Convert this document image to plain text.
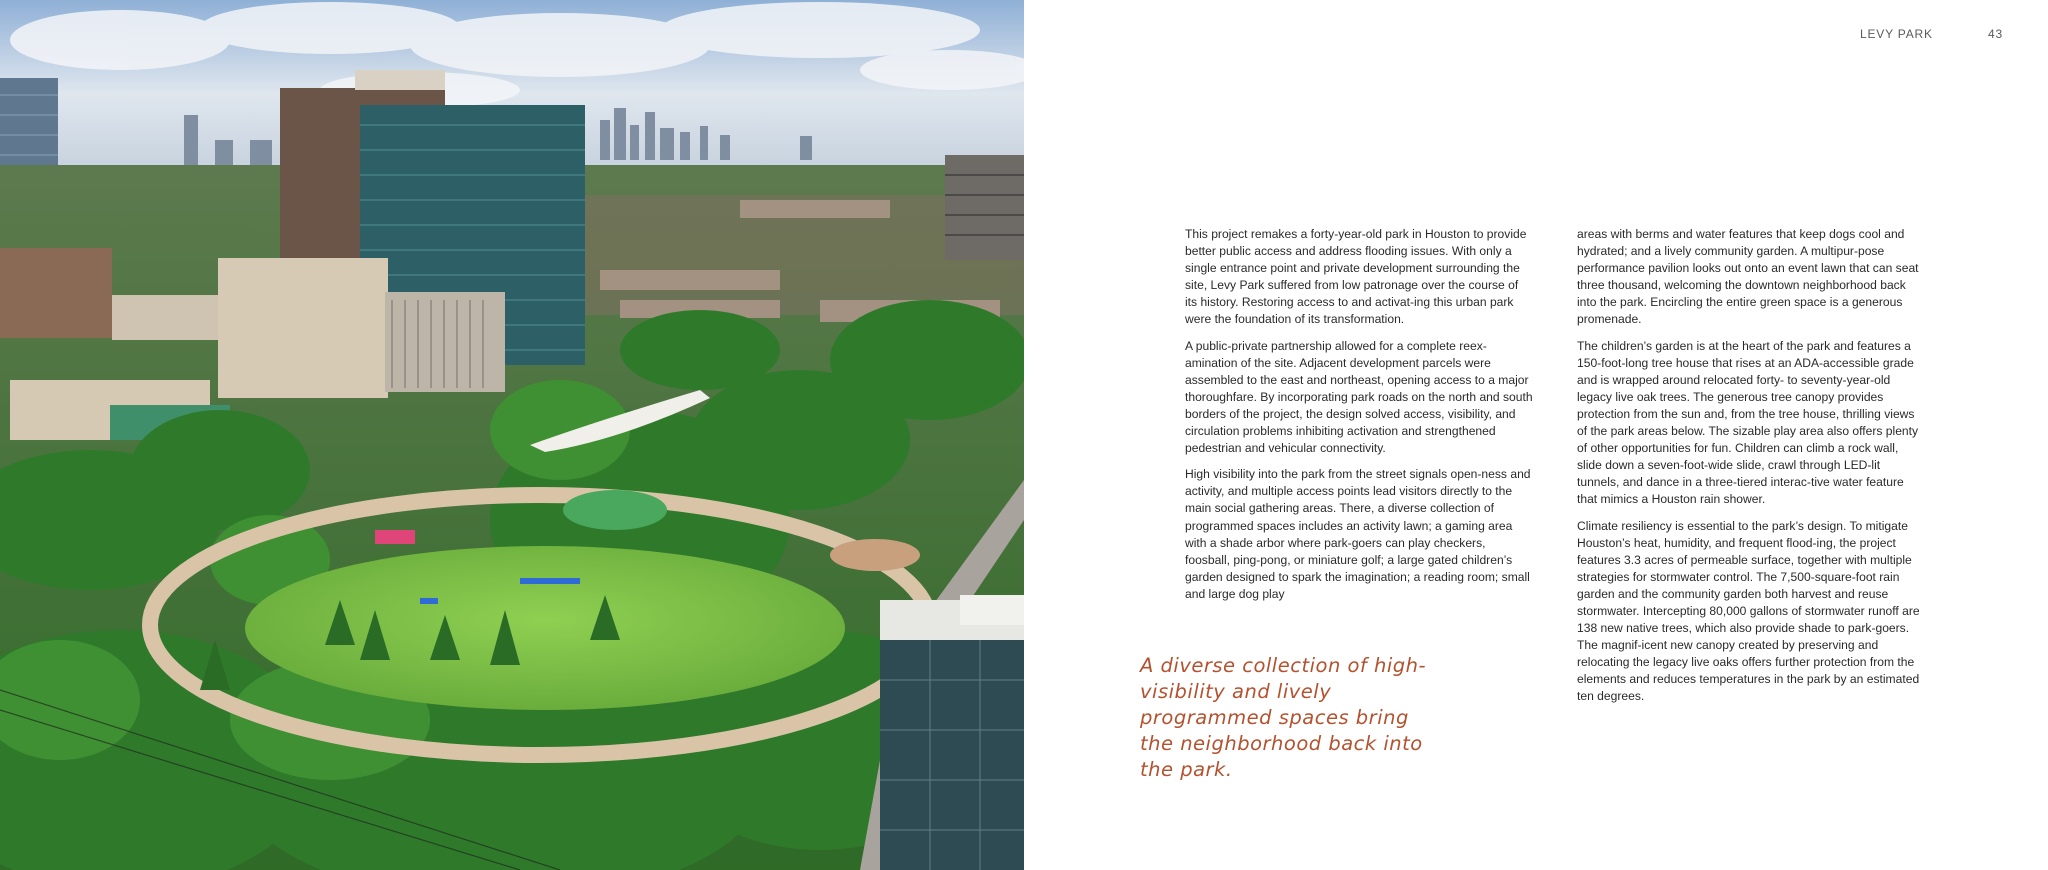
LEVY PARK	43

This project remakes a forty-year-old park in Houston to provide better public access and address flooding issues. With only a single entrance point and private development surrounding the site, Levy Park suffered from low patronage over the course of its history. Restoring access to and activat-ing this urban park were the foundation of its transformation.

A public-private partnership allowed for a complete reex-amination of the site. Adjacent development parcels were assembled to the east and northeast, opening access to a major thoroughfare. By incorporating park roads on the north and south borders of the project, the design solved access, visibility, and circulation problems inhibiting activation and strengthened pedestrian and vehicular connectivity.

High visibility into the park from the street signals open-ness and activity, and multiple access points lead visitors directly to the main social gathering areas. There, a diverse collection of programmed spaces includes an activity lawn; a gaming area with a shade arbor where park-goers can play checkers, foosball, ping-pong, or miniature golf; a large gated children’s garden designed to spark the imagination; a reading room; small and large dog play

areas with berms and water features that keep dogs cool and hydrated; and a lively community garden. A multipur-pose performance pavilion looks out onto an event lawn that can seat three thousand, welcoming the downtown neighborhood back into the park. Encircling the entire green space is a generous promenade.

The children’s garden is at the heart of the park and features a 150-foot-long tree house that rises at an ADA-accessible grade and is wrapped around relocated forty- to seventy-year-old legacy live oak trees. The generous tree canopy provides protection from the sun and, from the tree house, thrilling views of the park areas below. The sizable play area also offers plenty of other opportunities for fun. Children can climb a rock wall, slide down a seven-foot-wide slide, crawl through LED-lit tunnels, and dance in a three-tiered interac-tive water feature that mimics a Houston rain shower.

Climate resiliency is essential to the park’s design. To mitigate Houston’s heat, humidity, and frequent flood-ing, the project features 3.3 acres of permeable surface, together with multiple strategies for stormwater control. The 7,500-square-foot rain garden and the community garden both harvest and reuse stormwater. Intercepting 80,000 gallons of stormwater runoff are 138 new native trees, which also provide shade to park-goers. The magnif-icent new canopy created by preserving and relocating the legacy live oaks offers further protection from the elements and reduces temperatures in the park by an estimated ten degrees.

A diverse collection of high-visibility and lively programmed spaces bring the neighborhood back into the park.
